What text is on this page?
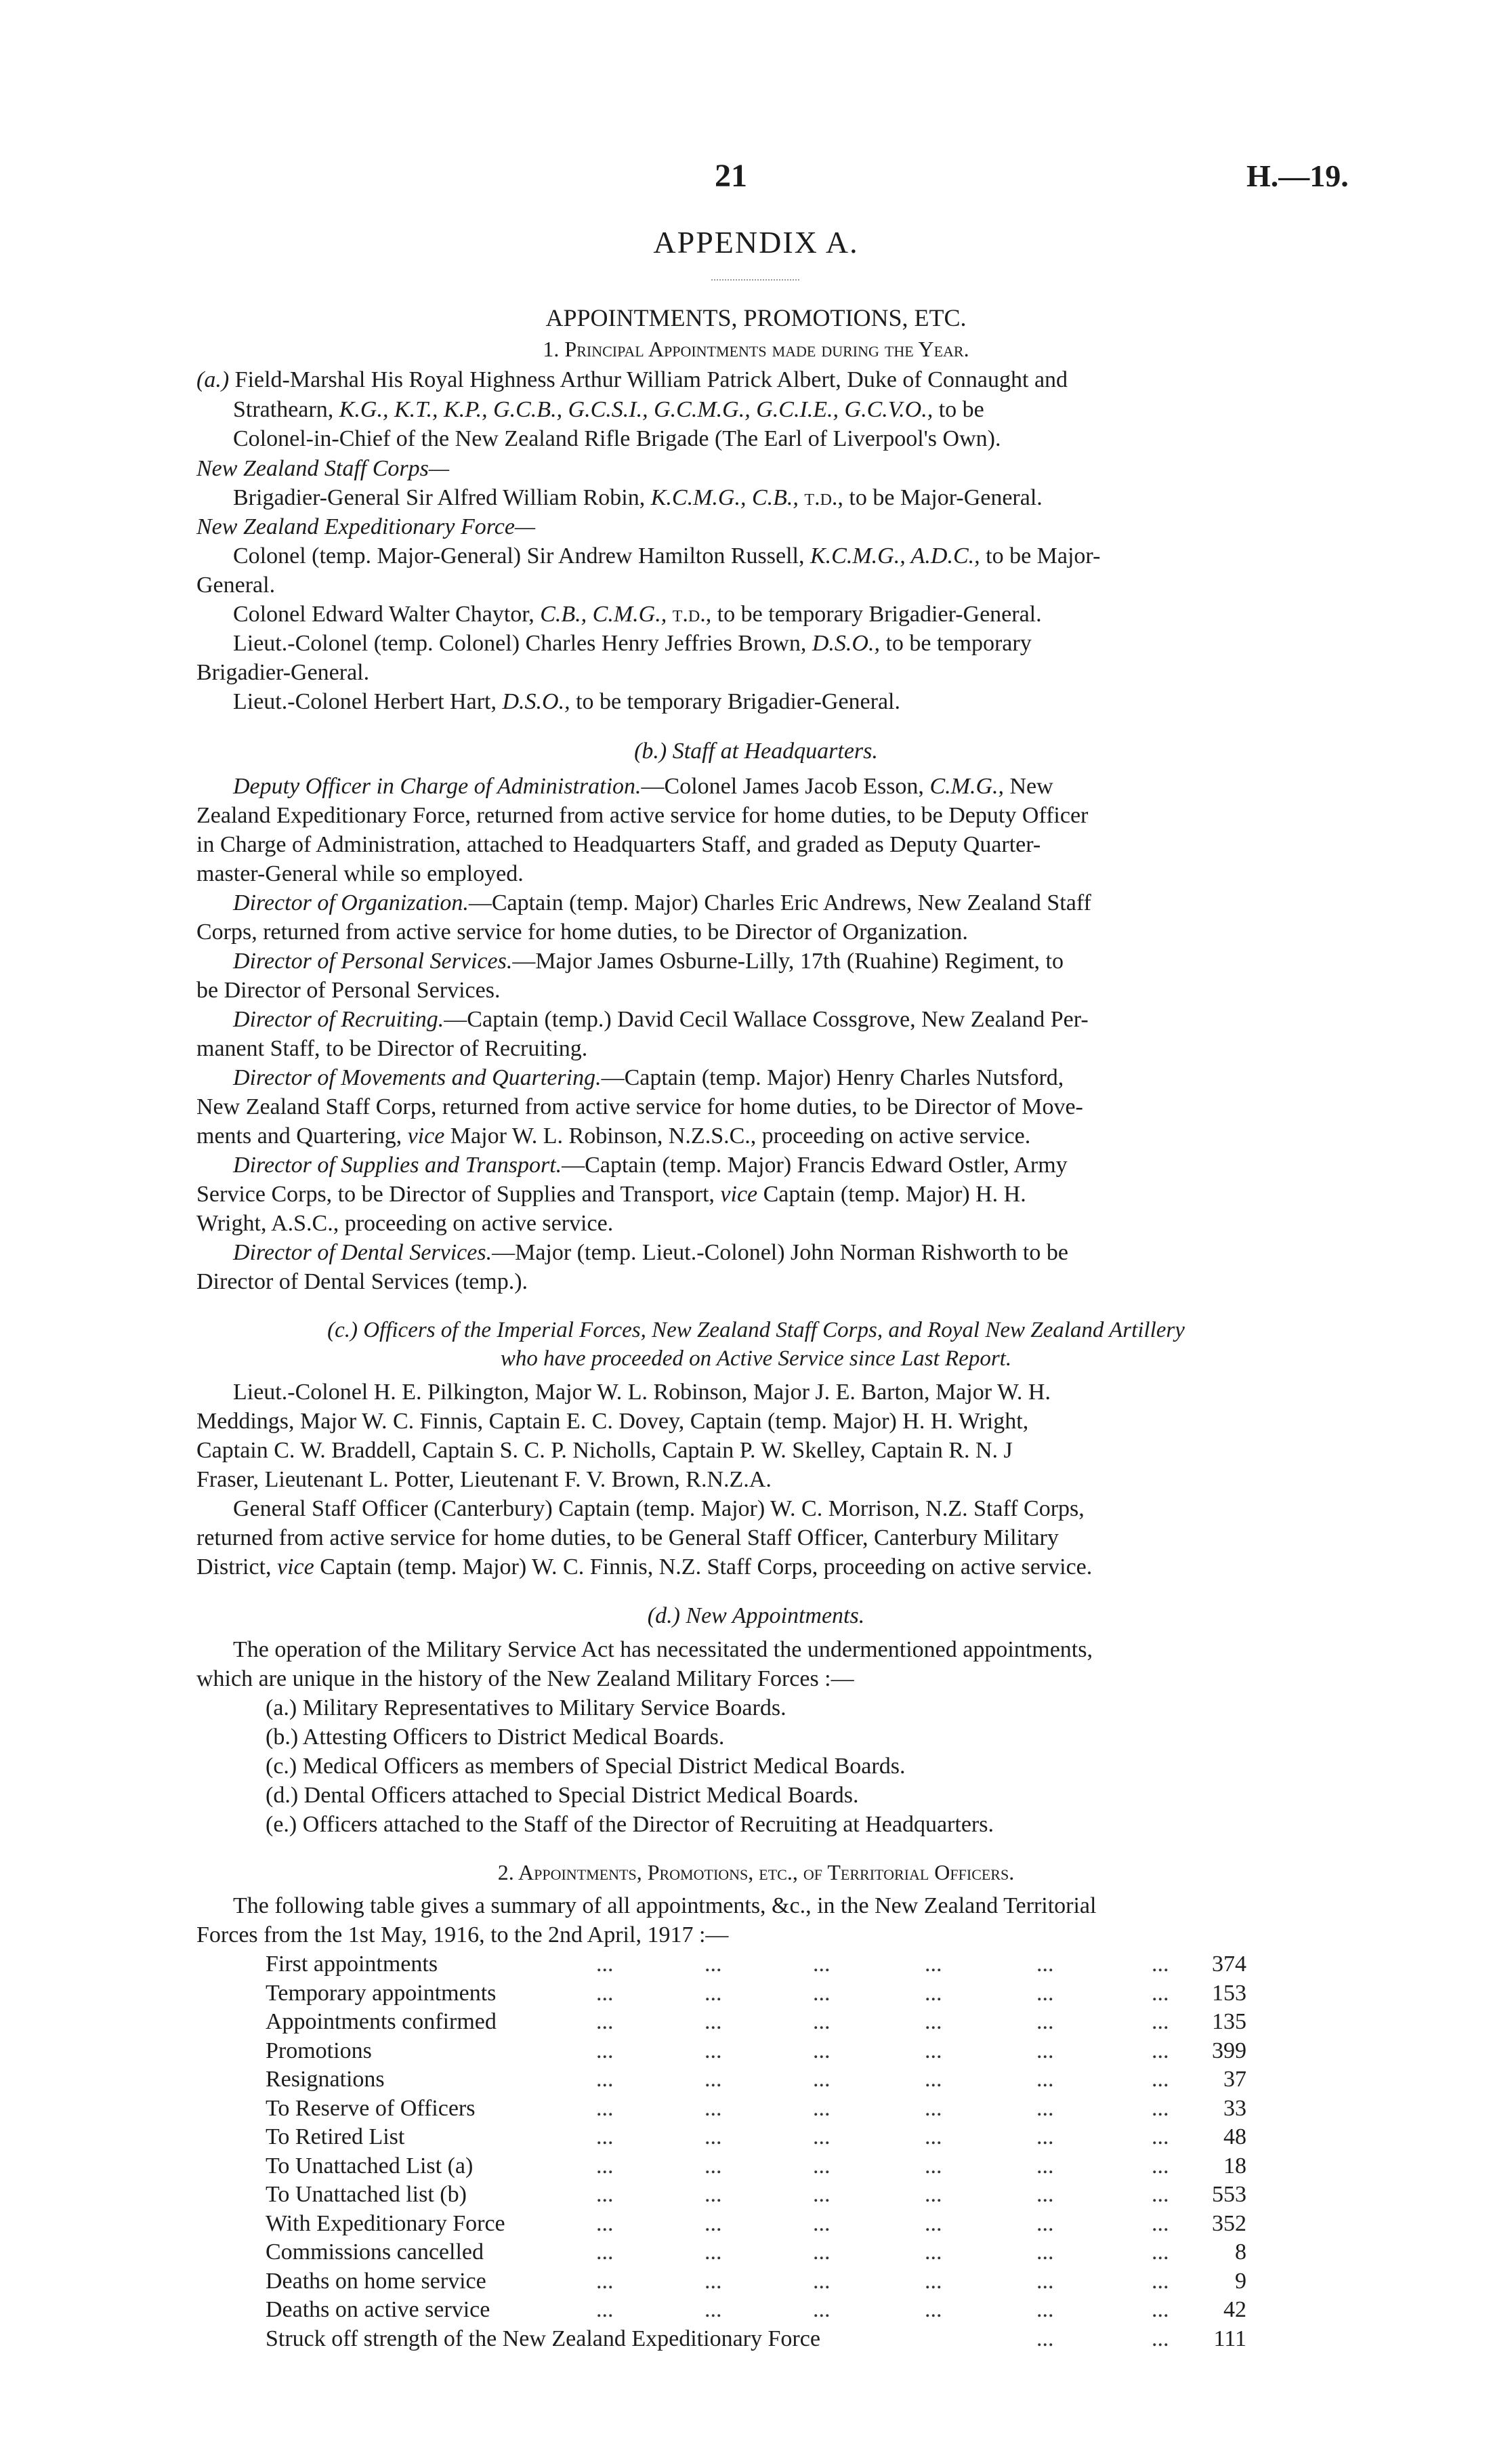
21	H.—19.
APPENDIX A.
APPOINTMENTS, PROMOTIONS, ETC.
1. Principal Appointments made during the Year.
(a.) Field-Marshal His Royal Highness Arthur William Patrick Albert, Duke of Connaught and
Strathearn, K.G., K.T., K.P., G.C.B., G.C.S.I., G.C.M.G., G.C.I.E., G.C.V.O., to be
Colonel-in-Chief of the New Zealand Rifle Brigade (The Earl of Liverpool's Own).
New Zealand Staff Corps—
Brigadier-General Sir Alfred William Robin, K.C.M.G., C.B., t.d., to be Major-General.
New Zealand Expeditionary Force—
Colonel (temp. Major-General) Sir Andrew Hamilton Russell, K.C.M.G., A.D.C., to be Major-
General.
Colonel Edward Walter Chaytor, C.B., C.M.G., t.d., to be temporary Brigadier-General.
Lieut.-Colonel (temp. Colonel) Charles Henry Jeffries Brown, D.S.O., to be temporary
Brigadier-General.
Lieut.-Colonel Herbert Hart, D.S.O., to be temporary Brigadier-General.
(b.) Staff at Headquarters.
Deputy Officer in Charge of Administration.—Colonel James Jacob Esson, C.M.G., New
Zealand Expeditionary Force, returned from active service for home duties, to be Deputy Officer
in Charge of Administration, attached to Headquarters Staff, and graded as Deputy Quarter-
master-General while so employed.
Director of Organization.—Captain (temp. Major) Charles Eric Andrews, New Zealand Staff
Corps, returned from active service for home duties, to be Director of Organization.
Director of Personal Services.—Major James Osburne-Lilly, 17th (Ruahine) Regiment, to
be Director of Personal Services.
Director of Recruiting.—Captain (temp.) David Cecil Wallace Cossgrove, New Zealand Per-
manent Staff, to be Director of Recruiting.
Director of Movements and Quartering.—Captain (temp. Major) Henry Charles Nutsford,
New Zealand Staff Corps, returned from active service for home duties, to be Director of Move-
ments and Quartering, vice Major W. L. Robinson, N.Z.S.C., proceeding on active service.
Director of Supplies and Transport.—Captain (temp. Major) Francis Edward Ostler, Army
Service Corps, to be Director of Supplies and Transport, vice Captain (temp. Major) H. H.
Wright, A.S.C., proceeding on active service.
Director of Dental Services.—Major (temp. Lieut.-Colonel) John Norman Rishworth to be
Director of Dental Services (temp.).
(c.) Officers of the Imperial Forces, New Zealand Staff Corps, and Royal New Zealand Artillery
who have proceeded on Active Service since Last Report.
Lieut.-Colonel H. E. Pilkington, Major W. L. Robinson, Major J. E. Barton, Major W. H.
Meddings, Major W. C. Finnis, Captain E. C. Dovey, Captain (temp. Major) H. H. Wright,
Captain C. W. Braddell, Captain S. C. P. Nicholls, Captain P. W. Skelley, Captain R. N. J
Fraser, Lieutenant L. Potter, Lieutenant F. V. Brown, R.N.Z.A.
General Staff Officer (Canterbury) Captain (temp. Major) W. C. Morrison, N.Z. Staff Corps,
returned from active service for home duties, to be General Staff Officer, Canterbury Military
District, vice Captain (temp. Major) W. C. Finnis, N.Z. Staff Corps, proceeding on active service.
(d.) New Appointments.
The operation of the Military Service Act has necessitated the undermentioned appointments,
which are unique in the history of the New Zealand Military Forces :—
(a.) Military Representatives to Military Service Boards.
(b.) Attesting Officers to District Medical Boards.
(c.) Medical Officers as members of Special District Medical Boards.
(d.) Dental Officers attached to Special District Medical Boards.
(e.) Officers attached to the Staff of the Director of Recruiting at Headquarters.
2. Appointments, Promotions, etc., of Territorial Officers.
The following table gives a summary of all appointments, &c., in the New Zealand Territorial
Forces from the 1st May, 1916, to the 2nd April, 1917 :—
First appointments	...	...	...	...	...	...	374
Temporary appointments	...	...	...	...	...	...	153
Appointments confirmed	...	...	...	...	...	...	135
Promotions	...	...	...	...	...	...	399
Resignations	...	...	...	...	...	...	37
To Reserve of Officers	...	...	...	...	...	...	33
To Retired List	...	...	...	...	...	...	48
To Unattached List (a)	...	...	...	...	...	...	18
To Unattached list (b)	...	...	...	...	...	...	553
With Expeditionary Force	...	...	...	...	...	...	352
Commissions cancelled	...	...	...	...	...	...	8
Deaths on home service	...	...	...	...	...	...	9
Deaths on active service	...	...	...	...	...	...	42
Struck off strength of the New Zealand Expeditionary Force	...	...	111
